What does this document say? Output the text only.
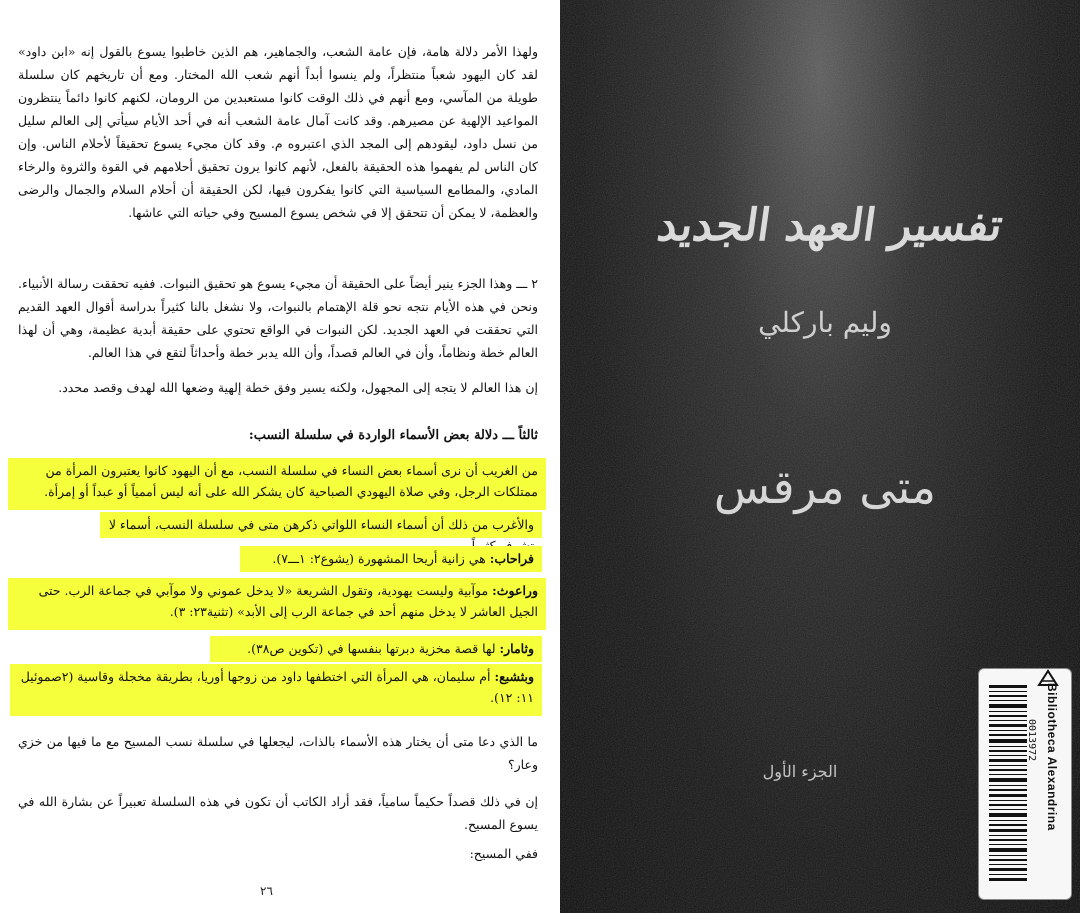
ولهذا الأمر دلالة هامة، فإن عامة الشعب، والجماهير، هم الذين خاطبوا يسوع بالقول إنه «ابن داود» لقد كان اليهود شعباً منتظراً، ولم ينسوا أبداً أنهم شعب الله المختار. ومع أن تاريخهم كان سلسلة طويلة من المآسي، ومع أنهم في ذلك الوقت كانوا مستعبدين من الرومان، لكنهم كانوا دائماً ينتظرون المواعيد الإلهية عن مصيرهم. وقد كانت آمال عامة الشعب أنه في أحد الأيام سيأتي إلى العالم سليل من نسل داود، ليقودهم إلى المجد الذي اعتبروه م. وقد كان مجيء يسوع تحقيقاً لأحلام الناس. وإن كان الناس لم يفهموا هذه الحقيقة بالفعل، لأنهم كانوا يرون تحقيق أحلامهم في القوة والثروة والرخاء المادي، والمطامع السياسية التي كانوا يفكرون فيها، لكن الحقيقة أن أحلام السلام والجمال والرضى والعظمة، لا يمكن أن تتحقق إلا في شخص يسوع المسيح وفي حياته التي عاشها.
٢ ـــ وهذا الجزء ينير أيضاً على الحقيقة أن مجيء يسوع هو تحقيق النبوات. ففيه تحققت رسالة الأنبياء. ونحن في هذه الأيام نتجه نحو قلة الإهتمام بالنبوات، ولا نشغل بالنا كثيراً بدراسة أقوال العهد القديم التي تحققت في العهد الجديد. لكن النبوات في الواقع تحتوي على حقيقة أبدية عظيمة، وهي أن لهذا العالم خطة ونظاماً، وأن في العالم قصداً، وأن الله يدبر خطة وأحداثاً لتقع في هذا العالم.
إن هذا العالم لا يتجه إلى المجهول، ولكنه يسير وفق خطة إلهية وضعها الله لهدف وقصد محدد.
ثالثاً ـــ دلالة بعض الأسماء الواردة في سلسلة النسب:
من الغريب أن نرى أسماء بعض النساء في سلسلة النسب، مع أن اليهود كانوا يعتبرون المرأة من ممتلكات الرجل، وفي صلاة اليهودي الصباحية كان يشكر الله على أنه ليس أممياً أو عبداً أو إمرأة.
والأغرب من ذلك أن أسماء النساء اللواتي ذكرهن متى في سلسلة النسب، أسماء لا
فراحاب: هي زانية أريحا المشهورة (يشوع٢: ١ـــ٧).
وراعوث: موآبية وليست يهودية، وتقول الشريعة «لا يدخل عموني ولا موآبي في جماعة الرب. حتى الجيل العاشر لا يدخل منهم أحد في جماعة الرب إلى الأبد» (تثنية٢٣: ٣).
وثامار: لها قصة مخزية دبرتها بنفسها في (تكوين ص٣٨).
وبثشبع: أم سليمان، هي المرأة التي اختطفها داود من زوجها أوريا، بطريقة مخجلة وقاسية (٢صموئيل ١١: ١٢).
ما الذي دعا متى أن يختار هذه الأسماء بالذات، ليجعلها في سلسلة نسب المسيح مع ما فيها من خزي وعار؟
إن في ذلك قصداً حكيماً سامياً، فقد أراد الكاتب أن تكون في هذه السلسلة تعبيراً عن بشارة الله في يسوع المسيح.
ففي المسيح:
٢٦
تفسير العهد الجديد
وليم باركلي
متى مرقس
الجزء الأول
0013972 Bibliotheca Alexandrina
